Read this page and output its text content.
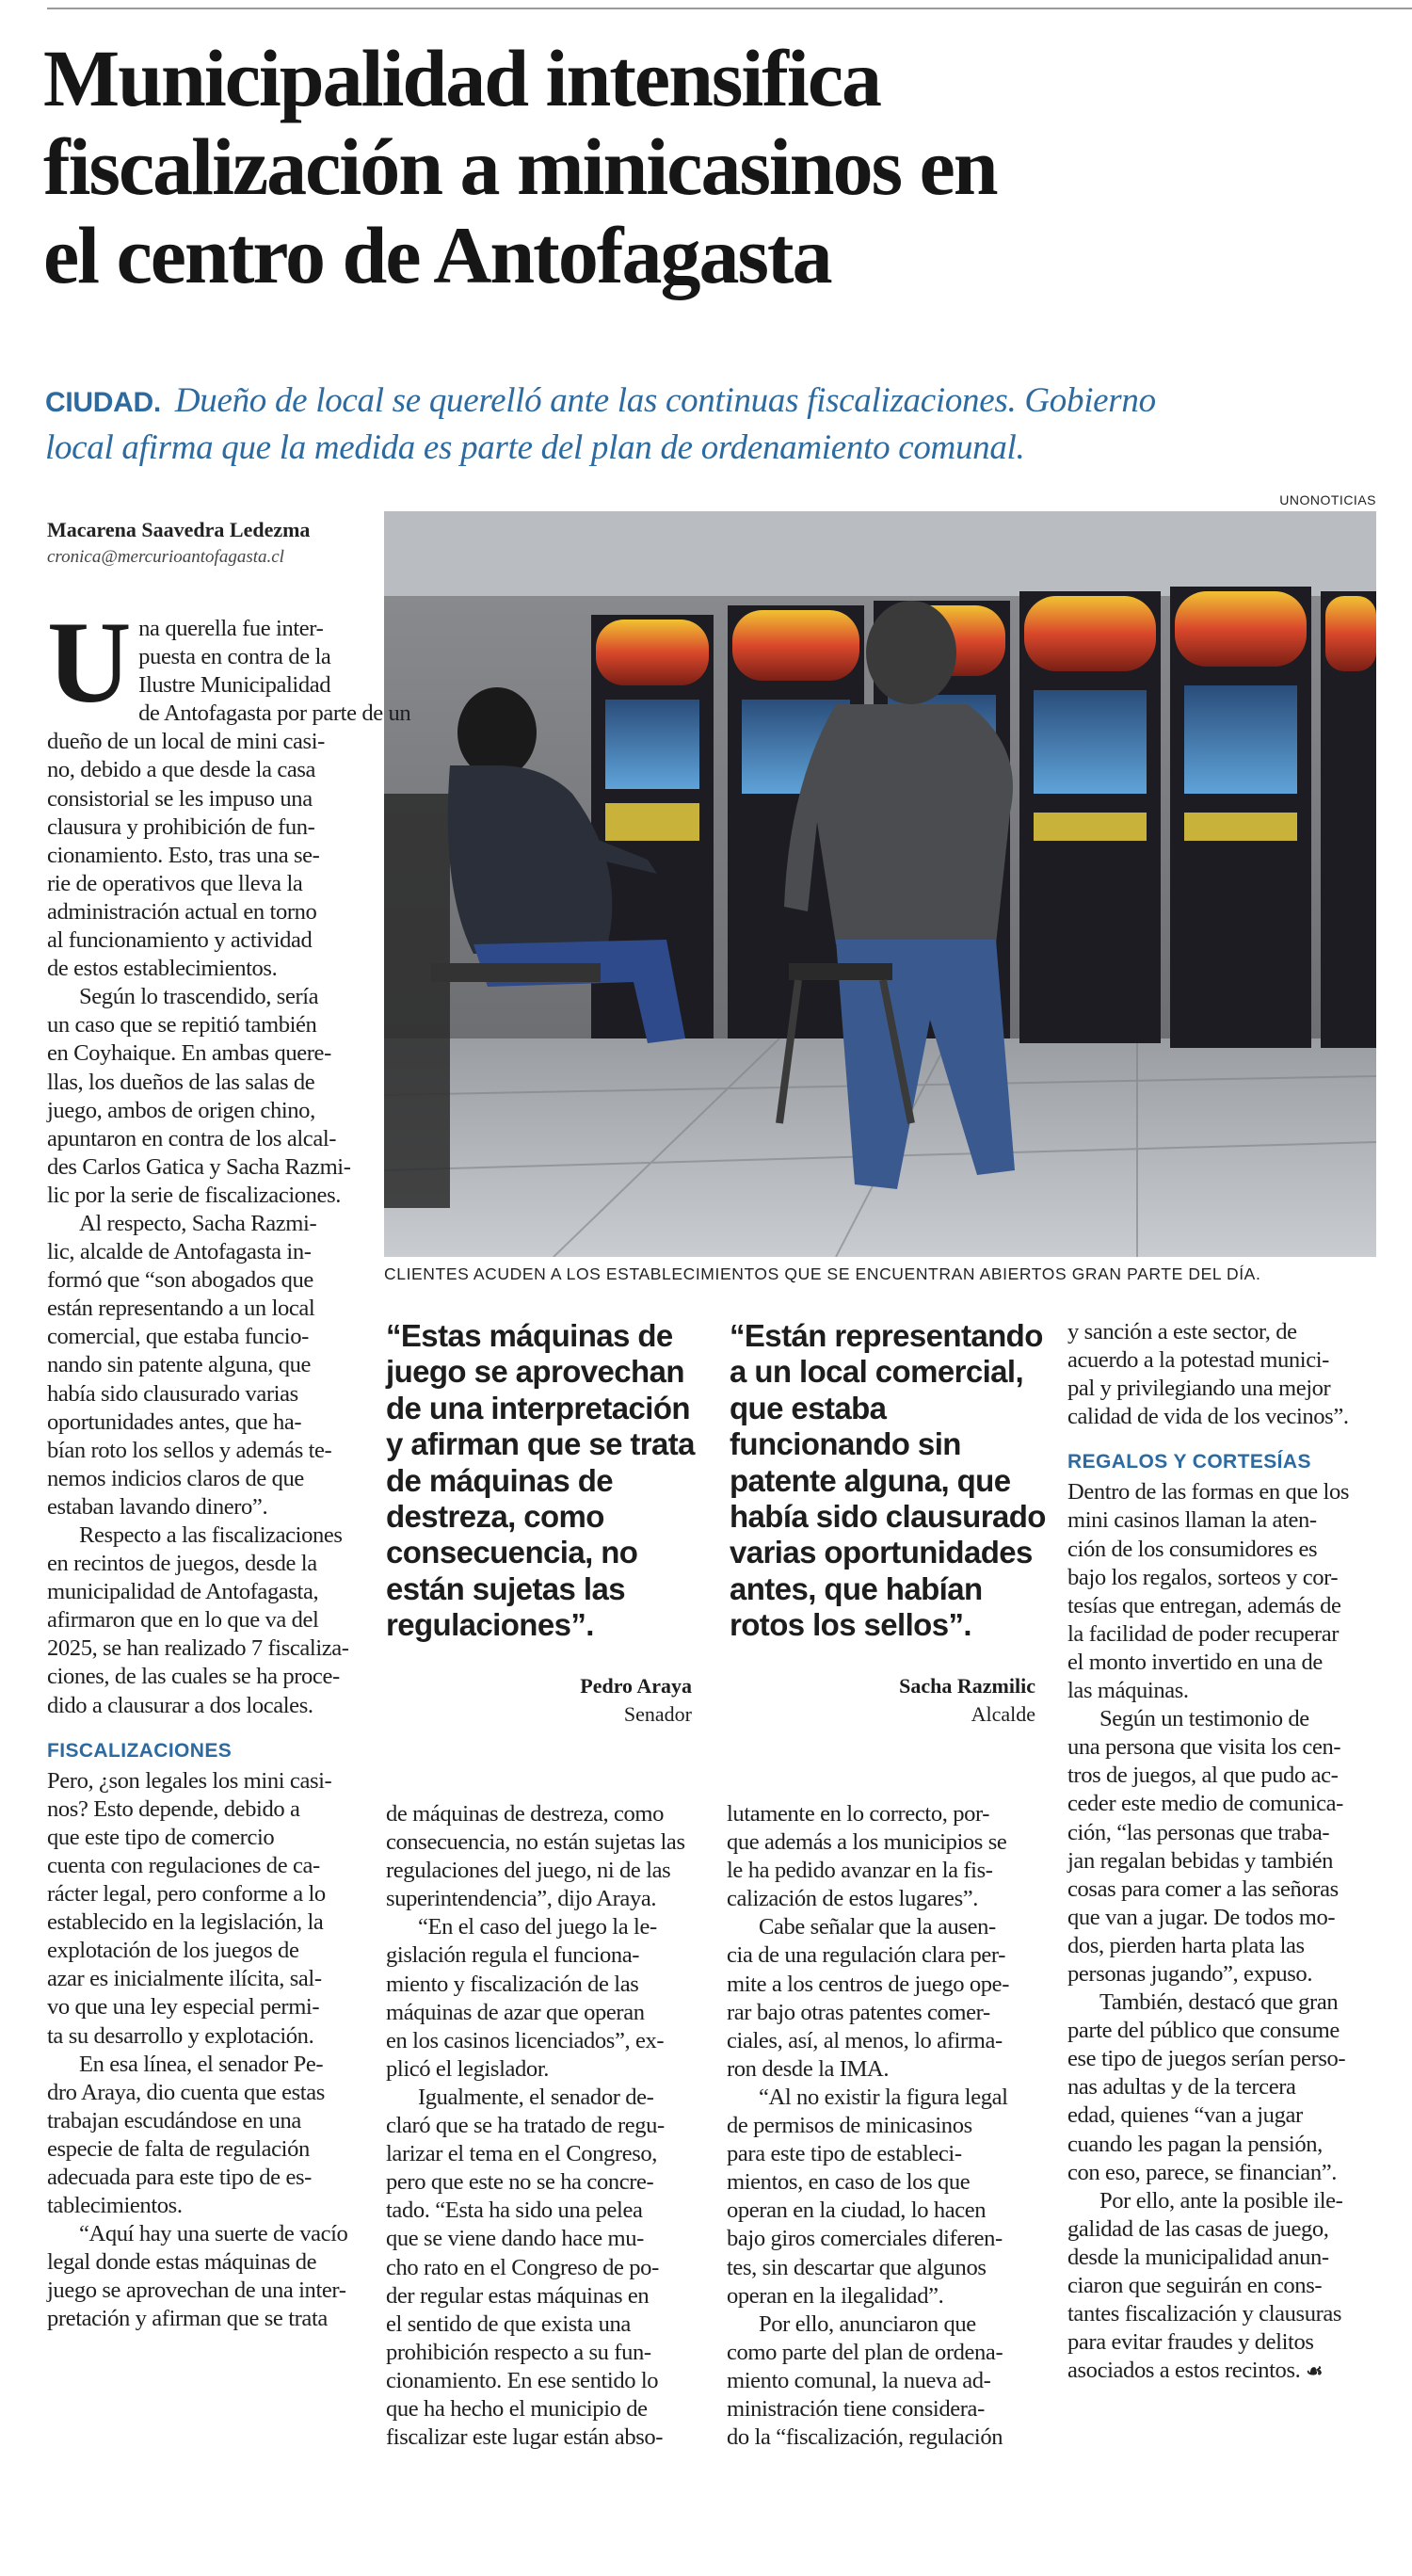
Municipalidad intensifica
fiscalización a minicasinos en
el centro de Antofagasta
CIUDAD. Dueño de local se querelló ante las continuas fiscalizaciones. Gobierno
local afirma que la medida es parte del plan de ordenamiento comunal.
UNONOTICIAS
Macarena Saavedra Ledezma
cronica@mercurioantofagasta.cl
CLIENTES ACUDEN A LOS ESTABLECIMIENTOS QUE SE ENCUENTRAN ABIERTOS GRAN PARTE DEL DÍA.
U na querella fue inter-
puesta en contra de la
Ilustre Municipalidad
de Antofagasta por parte de un
dueño de un local de mini casi-
no, debido a que desde la casa
consistorial se les impuso una
clausura y prohibición de fun-
cionamiento. Esto, tras una se-
rie de operativos que lleva la
administración actual en torno
al funcionamiento y actividad
de estos establecimientos.
Según lo trascendido, sería
un caso que se repitió también
en Coyhaique. En ambas quere-
llas, los dueños de las salas de
juego, ambos de origen chino,
apuntaron en contra de los alcal-
des Carlos Gatica y Sacha Razmi-
lic por la serie de fiscalizaciones.
Al respecto, Sacha Razmi-
lic, alcalde de Antofagasta in-
formó que “son abogados que
están representando a un local
comercial, que estaba funcio-
nando sin patente alguna, que
había sido clausurado varias
oportunidades antes, que ha-
bían roto los sellos y además te-
nemos indicios claros de que
estaban lavando dinero”.
Respecto a las fiscalizaciones
en recintos de juegos, desde la
municipalidad de Antofagasta,
afirmaron que en lo que va del
2025, se han realizado 7 fiscaliza-
ciones, de las cuales se ha proce-
dido a clausurar a dos locales.
FISCALIZACIONES
Pero, ¿son legales los mini casi-
nos? Esto depende, debido a
que este tipo de comercio
cuenta con regulaciones de ca-
rácter legal, pero conforme a lo
establecido en la legislación, la
explotación de los juegos de
azar es inicialmente ilícita, sal-
vo que una ley especial permi-
ta su desarrollo y explotación.
En esa línea, el senador Pe-
dro Araya, dio cuenta que estas
trabajan escudándose en una
especie de falta de regulación
adecuada para este tipo de es-
tablecimientos.
“Aquí hay una suerte de vacío
legal donde estas máquinas de
juego se aprovechan de una inter-
pretación y afirman que se trata
“Estas máquinas de
juego se aprovechan
de una interpretación
y afirman que se trata
de máquinas de
destreza, como
consecuencia, no
están sujetas las
regulaciones”.
Pedro Araya
Senador
“Están representando
a un local comercial,
que estaba
funcionando sin
patente alguna, que
había sido clausurado
varias oportunidades
antes, que habían
rotos los sellos”.
Sacha Razmilic
Alcalde
de máquinas de destreza, como
consecuencia, no están sujetas las
regulaciones del juego, ni de las
superintendencia”, dijo Araya.
“En el caso del juego la le-
gislación regula el funciona-
miento y fiscalización de las
máquinas de azar que operan
en los casinos licenciados”, ex-
plicó el legislador.
Igualmente, el senador de-
claró que se ha tratado de regu-
larizar el tema en el Congreso,
pero que este no se ha concre-
tado. “Esta ha sido una pelea
que se viene dando hace mu-
cho rato en el Congreso de po-
der regular estas máquinas en
el sentido de que exista una
prohibición respecto a su fun-
cionamiento. En ese sentido lo
que ha hecho el municipio de
fiscalizar este lugar están abso-
lutamente en lo correcto, por-
que además a los municipios se
le ha pedido avanzar en la fis-
calización de estos lugares”.
Cabe señalar que la ausen-
cia de una regulación clara per-
mite a los centros de juego ope-
rar bajo otras patentes comer-
ciales, así, al menos, lo afirma-
ron desde la IMA.
“Al no existir la figura legal
de permisos de minicasinos
para este tipo de estableci-
mientos, en caso de los que
operan en la ciudad, lo hacen
bajo giros comerciales diferen-
tes, sin descartar que algunos
operan en la ilegalidad”.
Por ello, anunciaron que
como parte del plan de ordena-
miento comunal, la nueva ad-
ministración tiene considera-
do la “fiscalización, regulación
y sanción a este sector, de
acuerdo a la potestad munici-
pal y privilegiando una mejor
calidad de vida de los vecinos”.
REGALOS Y CORTESÍAS
Dentro de las formas en que los
mini casinos llaman la aten-
ción de los consumidores es
bajo los regalos, sorteos y cor-
tesías que entregan, además de
la facilidad de poder recuperar
el monto invertido en una de
las máquinas.
Según un testimonio de
una persona que visita los cen-
tros de juegos, al que pudo ac-
ceder este medio de comunica-
ción, “las personas que traba-
jan regalan bebidas y también
cosas para comer a las señoras
que van a jugar. De todos mo-
dos, pierden harta plata las
personas jugando”, expuso.
También, destacó que gran
parte del público que consume
ese tipo de juegos serían perso-
nas adultas y de la tercera
edad, quienes “van a jugar
cuando les pagan la pensión,
con eso, parece, se financian”.
Por ello, ante la posible ile-
galidad de las casas de juego,
desde la municipalidad anun-
ciaron que seguirán en cons-
tantes fiscalización y clausuras
para evitar fraudes y delitos
asociados a estos recintos. ☙
